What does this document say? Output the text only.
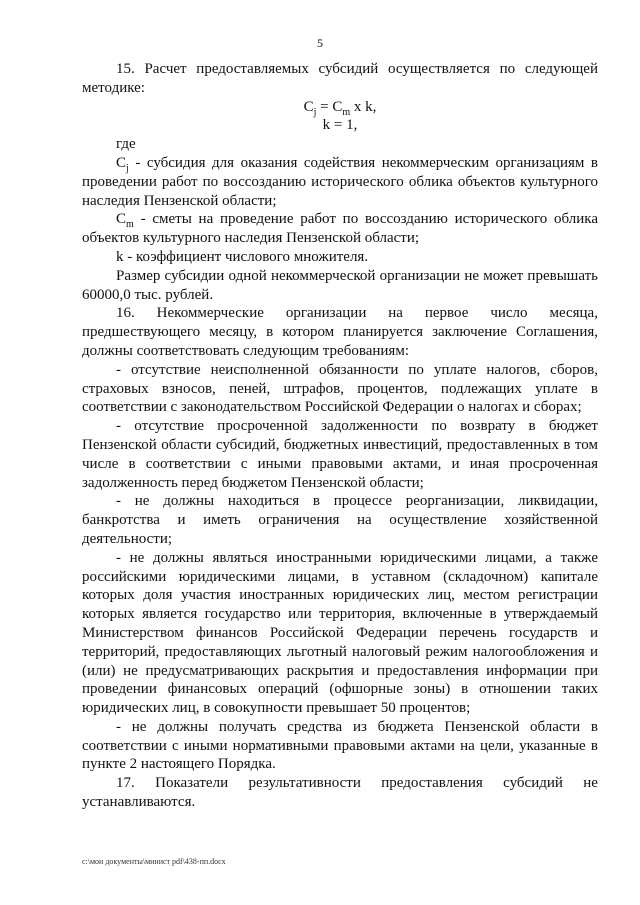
5

15. Расчет предоставляемых субсидий осуществляется по следующей методике:

$C_j = C_m$ x k,

k = 1,

где

$C_j$ - субсидия для оказания содействия некоммерческим организациям в проведении работ по воссозданию исторического облика объектов культурного наследия Пензенской области;

$C_m$ - сметы на проведение работ по воссозданию исторического облика объектов культурного наследия Пензенской области;

k - коэффициент числового множителя.

Размер субсидии одной некоммерческой организации не может превышать 60000,0 тыс. рублей.

16. Некоммерческие организации на первое число месяца,

предшествующего месяцу, в котором планируется заключение Соглашения, должны соответствовать следующим требованиям:

- отсутствие неисполненной обязанности по уплате налогов, сборов, страховых взносов, пеней, штрафов, процентов, подлежащих уплате в соответствии с законодательством Российской Федерации о налогах и сборах;

- отсутствие просроченной задолженности по возврату в бюджет Пензенской области субсидий, бюджетных инвестиций, предоставленных в том числе в соответствии с иными правовыми актами, и иная просроченная задолженность перед бюджетом Пензенской области;

- не должны находиться в процессе реорганизации, ликвидации, банкротства и иметь ограничения на осуществление хозяйственной деятельности;

- не должны являться иностранными юридическими лицами, а также российскими юридическими лицами, в уставном (складочном) капитале которых доля участия иностранных юридических лиц, местом регистрации которых является государство или территория, включенные в утверждаемый Министерством финансов Российской Федерации перечень государств и территорий, предоставляющих льготный налоговый режим налогообложения и (или) не предусматривающих раскрытия и предоставления информации при проведении финансовых операций (офшорные зоны) в отношении таких юридических лиц, в совокупности превышает 50 процентов;

- не должны получать средства из бюджета Пензенской области в соответствии с иными нормативными правовыми актами на цели, указанные в пункте 2 настоящего Порядка.

17. Показатели результативности предоставления субсидий не

устанавливаются.

c:\мои документы\минист pdf\438-пп.docx
